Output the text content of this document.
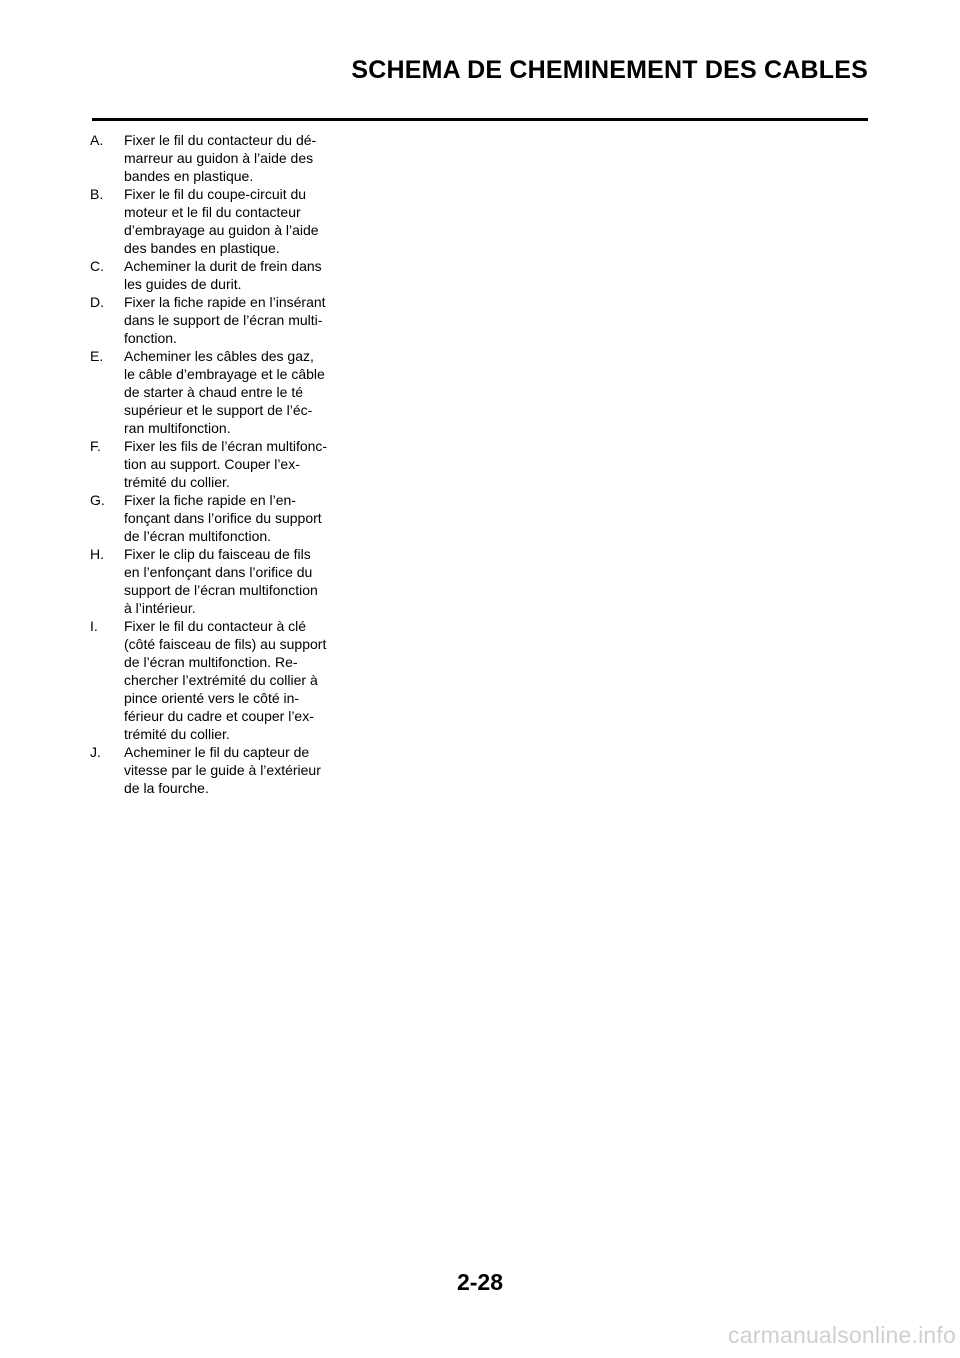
SCHEMA DE CHEMINEMENT DES CABLES
A.	Fixer le fil du contacteur du dé-
marreur au guidon à l’aide des
bandes en plastique.
B.	Fixer le fil du coupe-circuit du
moteur et le fil du contacteur
d’embrayage au guidon à l’aide
des bandes en plastique.
C.	Acheminer la durit de frein dans
les guides de durit.
D.	Fixer la fiche rapide en l’insérant
dans le support de l’écran multi-
fonction.
E.	Acheminer les câbles des gaz,
le câble d’embrayage et le câble
de starter à chaud entre le té
supérieur et le support de l’éc-
ran multifonction.
F.	Fixer les fils de l’écran multifonc-
tion au support. Couper l’ex-
trémité du collier.
G.	Fixer la fiche rapide en l’en-
fonçant dans l’orifice du support
de l’écran multifonction.
H.	Fixer le clip du faisceau de fils
en l’enfonçant dans l’orifice du
support de l’écran multifonction
à l’intérieur.
I.	Fixer le fil du contacteur à clé
(côté faisceau de fils) au support
de l’écran multifonction. Re-
chercher l’extrémité du collier à
pince orienté vers le côté in-
férieur du cadre et couper l’ex-
trémité du collier.
J.	Acheminer le fil du capteur de
vitesse par le guide à l’extérieur
de la fourche.
2-28
carmanualsonline.info
